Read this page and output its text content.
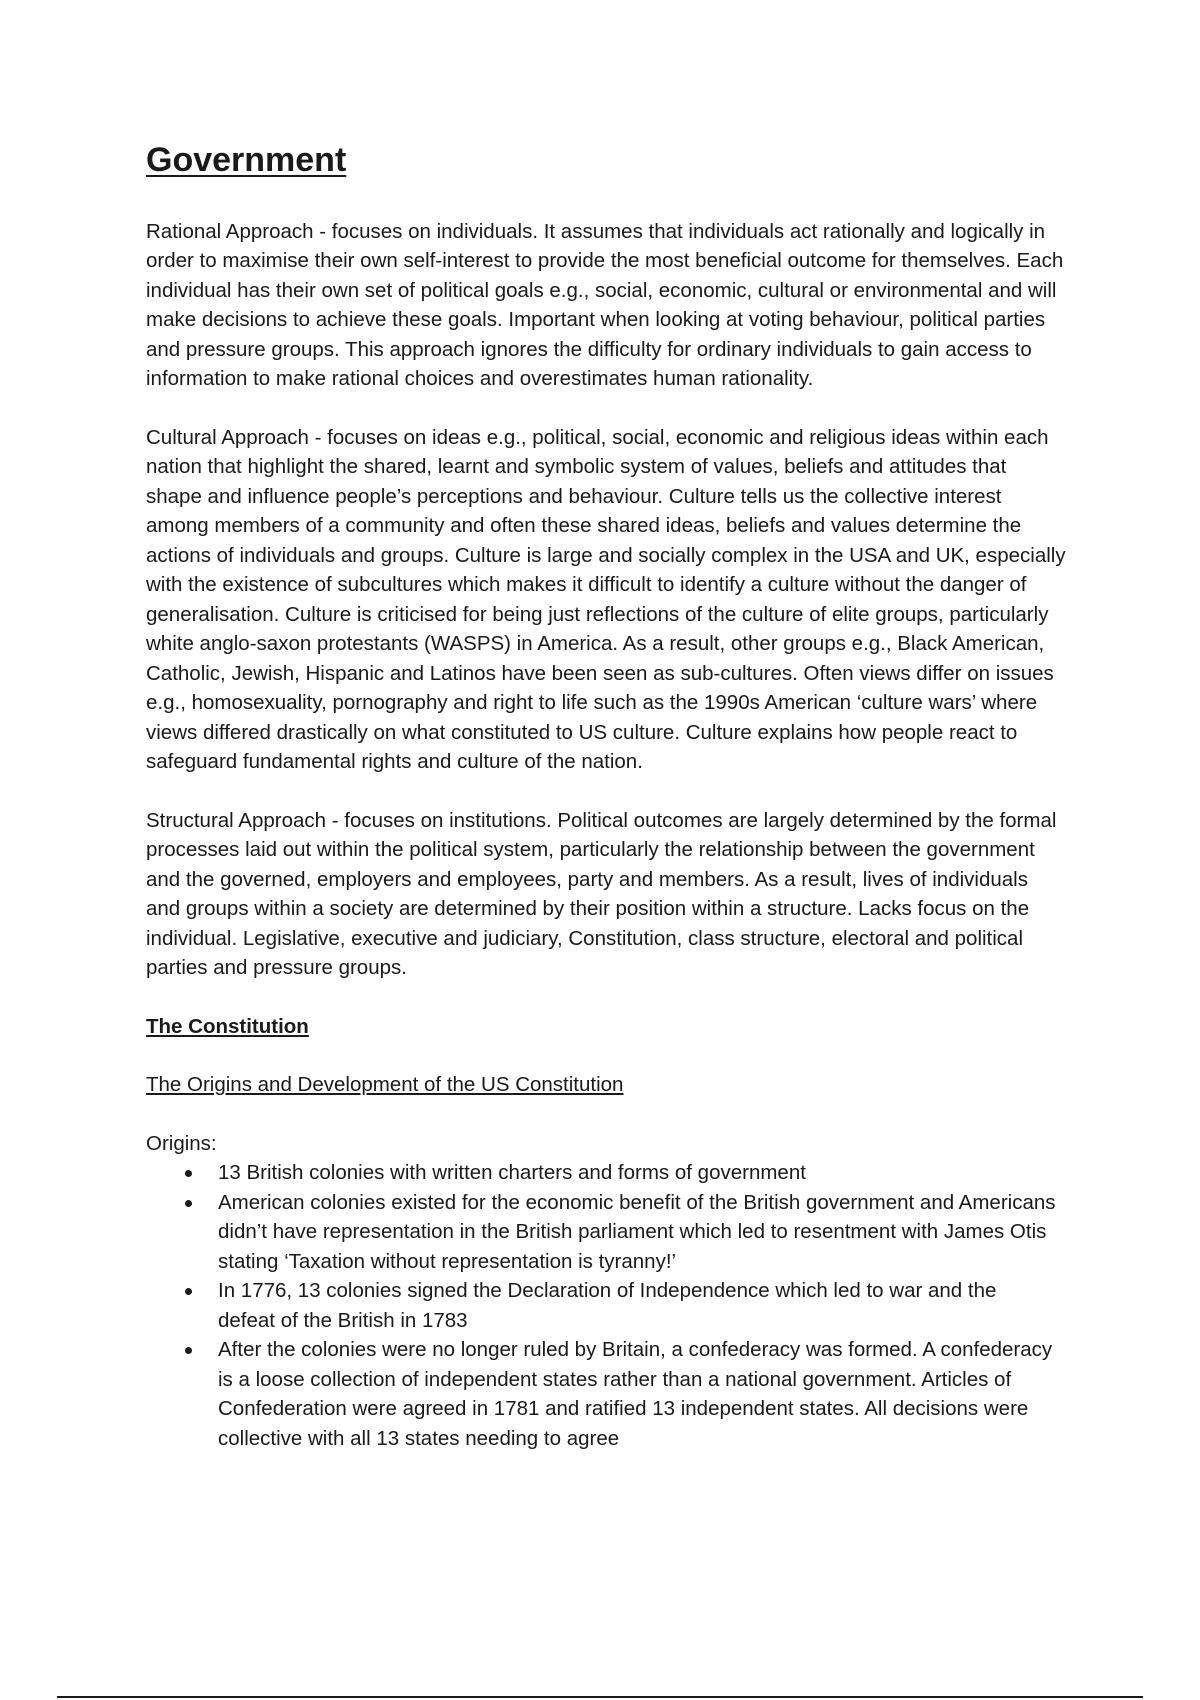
Government

Rational Approach - focuses on individuals. It assumes that individuals act rationally and logically in order to maximise their own self-interest to provide the most beneficial outcome for themselves. Each individual has their own set of political goals e.g., social, economic, cultural or environmental and will make decisions to achieve these goals. Important when looking at voting behaviour, political parties and pressure groups. This approach ignores the difficulty for ordinary individuals to gain access to information to make rational choices and overestimates human rationality.

Cultural Approach - focuses on ideas e.g., political, social, economic and religious ideas within each nation that highlight the shared, learnt and symbolic system of values, beliefs and attitudes that shape and influence people’s perceptions and behaviour. Culture tells us the collective interest among members of a community and often these shared ideas, beliefs and values determine the actions of individuals and groups. Culture is large and socially complex in the USA and UK, especially with the existence of subcultures which makes it difficult to identify a culture without the danger of generalisation. Culture is criticised for being just reflections of the culture of elite groups, particularly white anglo-saxon protestants (WASPS) in America. As a result, other groups e.g., Black American, Catholic, Jewish, Hispanic and Latinos have been seen as sub-cultures. Often views differ on issues e.g., homosexuality, pornography and right to life such as the 1990s American ‘culture wars’ where views differed drastically on what constituted to US culture. Culture explains how people react to safeguard fundamental rights and culture of the nation.

Structural Approach - focuses on institutions. Political outcomes are largely determined by the formal processes laid out within the political system, particularly the relationship between the government and the governed, employers and employees, party and members. As a result, lives of individuals and groups within a society are determined by their position within a structure. Lacks focus on the individual. Legislative, executive and judiciary, Constitution, class structure, electoral and political parties and pressure groups.

The Constitution
The Origins and Development of the US Constitution
Origins:
13 British colonies with written charters and forms of government
American colonies existed for the economic benefit of the British government and Americans didn’t have representation in the British parliament which led to resentment with James Otis stating ‘Taxation without representation is tyranny!’
In 1776, 13 colonies signed the Declaration of Independence which led to war and the defeat of the British in 1783
After the colonies were no longer ruled by Britain, a confederacy was formed. A confederacy is a loose collection of independent states rather than a national government. Articles of Confederation were agreed in 1781 and ratified 13 independent states. All decisions were collective with all 13 states needing to agree
